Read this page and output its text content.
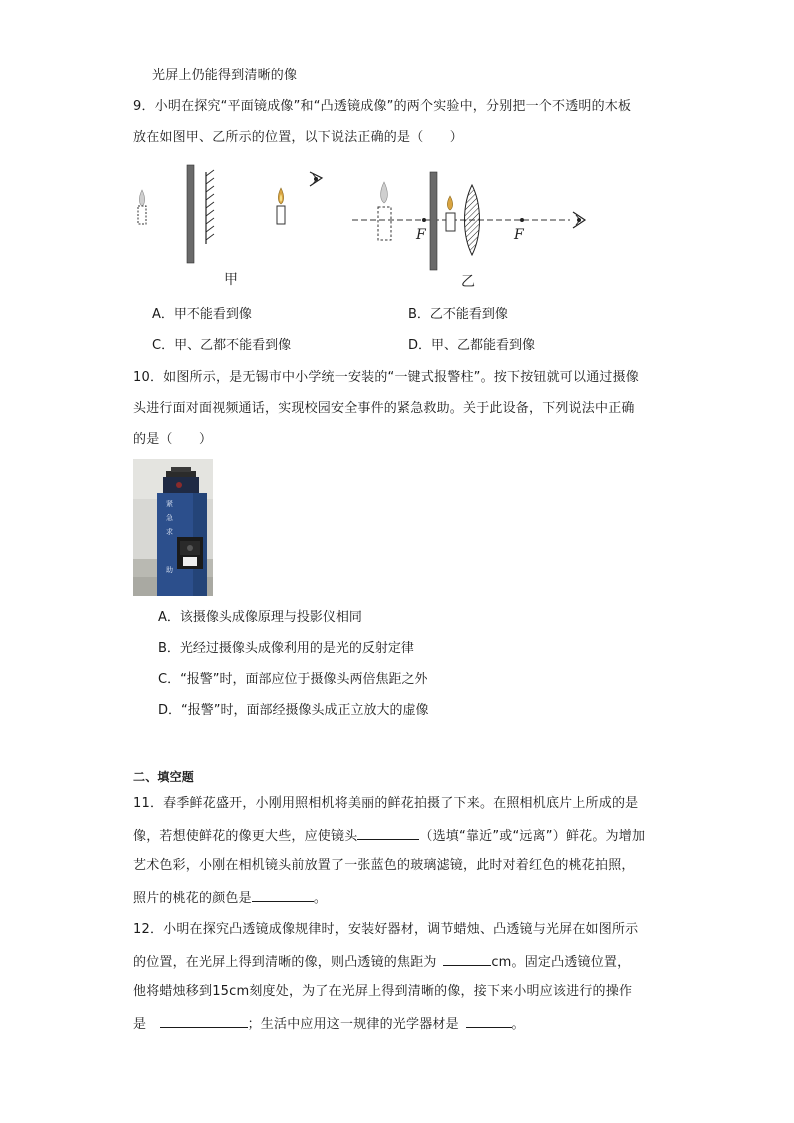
光屏上仍能得到清晰的像
9．小明在探究“平面镜成像”和“凸透镜成像”的两个实验中，分别把一个不透明的木板
放在如图甲、乙所示的位置，以下说法正确的是（　　）
甲
F	F
乙
A．甲不能看到像	B．乙不能看到像
C．甲、乙都不能看到像	D．甲、乙都能看到像
10．如图所示，是无锡市中小学统一安装的“一键式报警柱”。按下按钮就可以通过摄像
头进行面对面视频通话，实现校园安全事件的紧急救助。关于此设备，下列说法中正确
的是（　　）
紧
急
求
助
A．该摄像头成像原理与投影仪相同
B．光经过摄像头成像利用的是光的反射定律
C．“报警”时，面部应位于摄像头两倍焦距之外
D．“报警”时，面部经摄像头成正立放大的虚像
二、填空题
11．春季鲜花盛开，小刚用照相机将美丽的鲜花拍摄了下来。在照相机底片上所成的是
像，若想使鲜花的像更大些，应使镜头	（选填“靠近”或“远离”）鲜花。为增加
艺术色彩，小刚在相机镜头前放置了一张蓝色的玻璃滤镜，此时对着红色的桃花拍照，
照片的桃花的颜色是	。
12．小明在探究凸透镜成像规律时，安装好器材，调节蜡烛、凸透镜与光屏在如图所示
的位置，在光屏上得到清晰的像，则凸透镜的焦距为 	cm。固定凸透镜位置，
他将蜡烛移到15cm刻度处，为了在光屏上得到清晰的像，接下来小明应该进行的操作
是  	；生活中应用这一规律的光学器材是 	。
